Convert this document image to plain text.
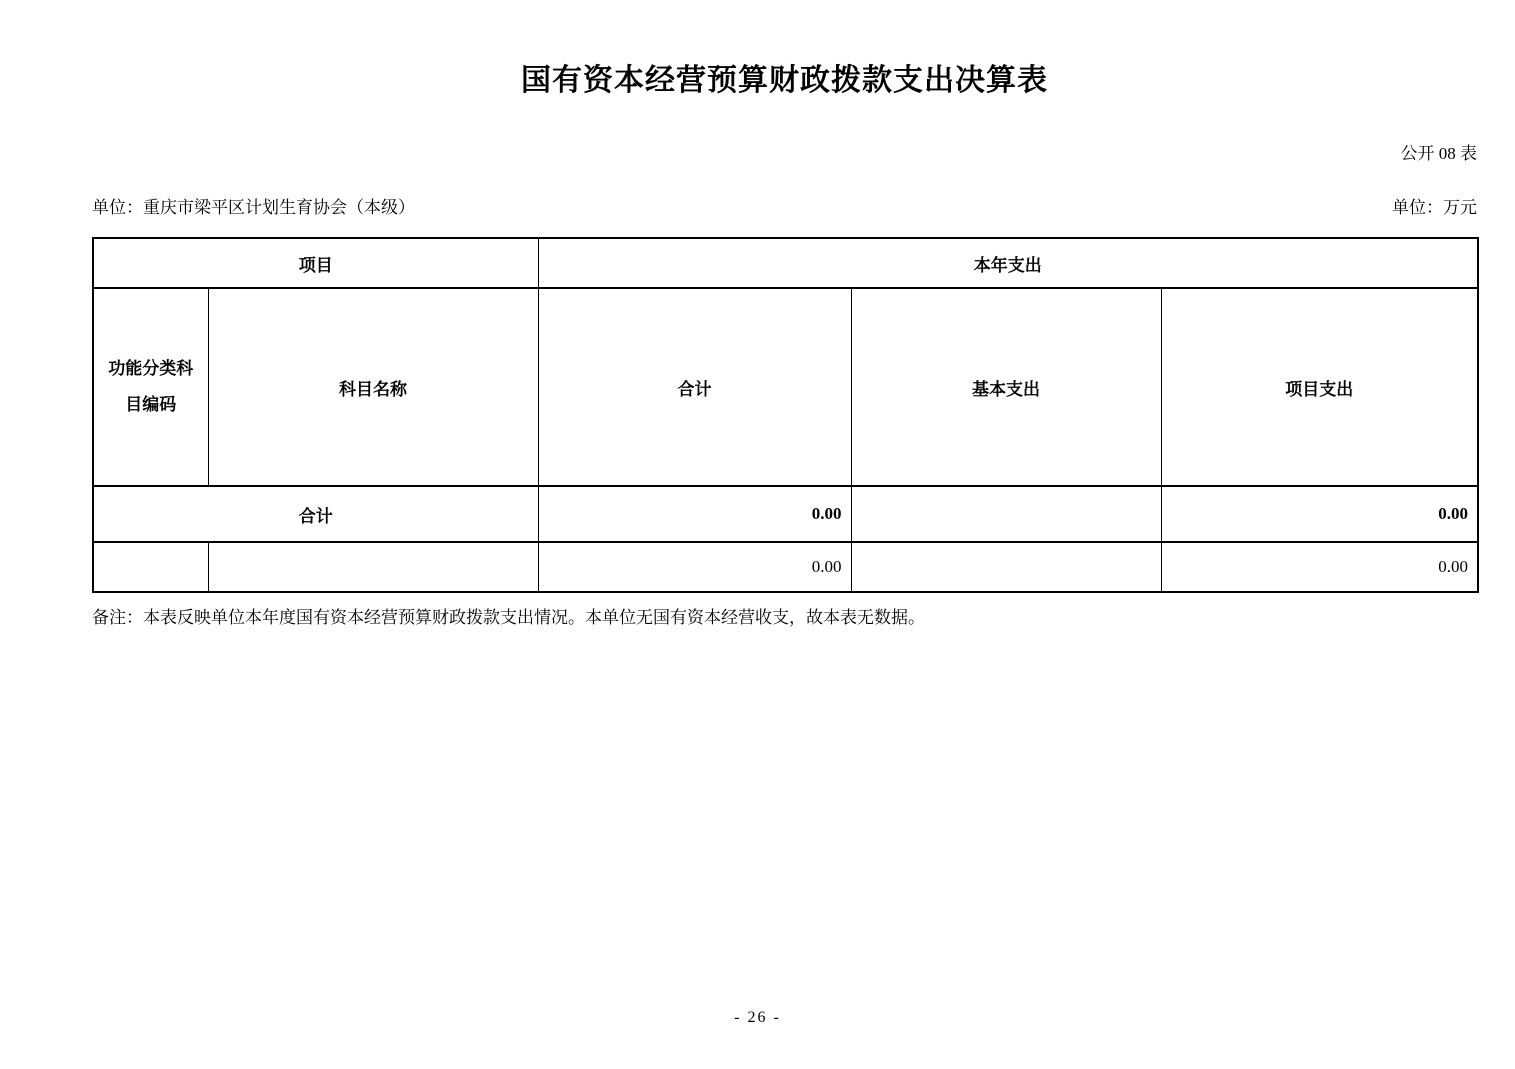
国有资本经营预算财政拨款支出决算表
公开 08 表
单位：重庆市梁平区计划生育协会（本级）	单位：万元
项目		本年支出		
功能分类科目编码	科目名称	合计	基本支出	项目支出
合计		0.00		0.00
		0.00		0.00
备注：本表反映单位本年度国有资本经营预算财政拨款支出情况。本单位无国有资本经营收支，故本表无数据。
- 26 -
